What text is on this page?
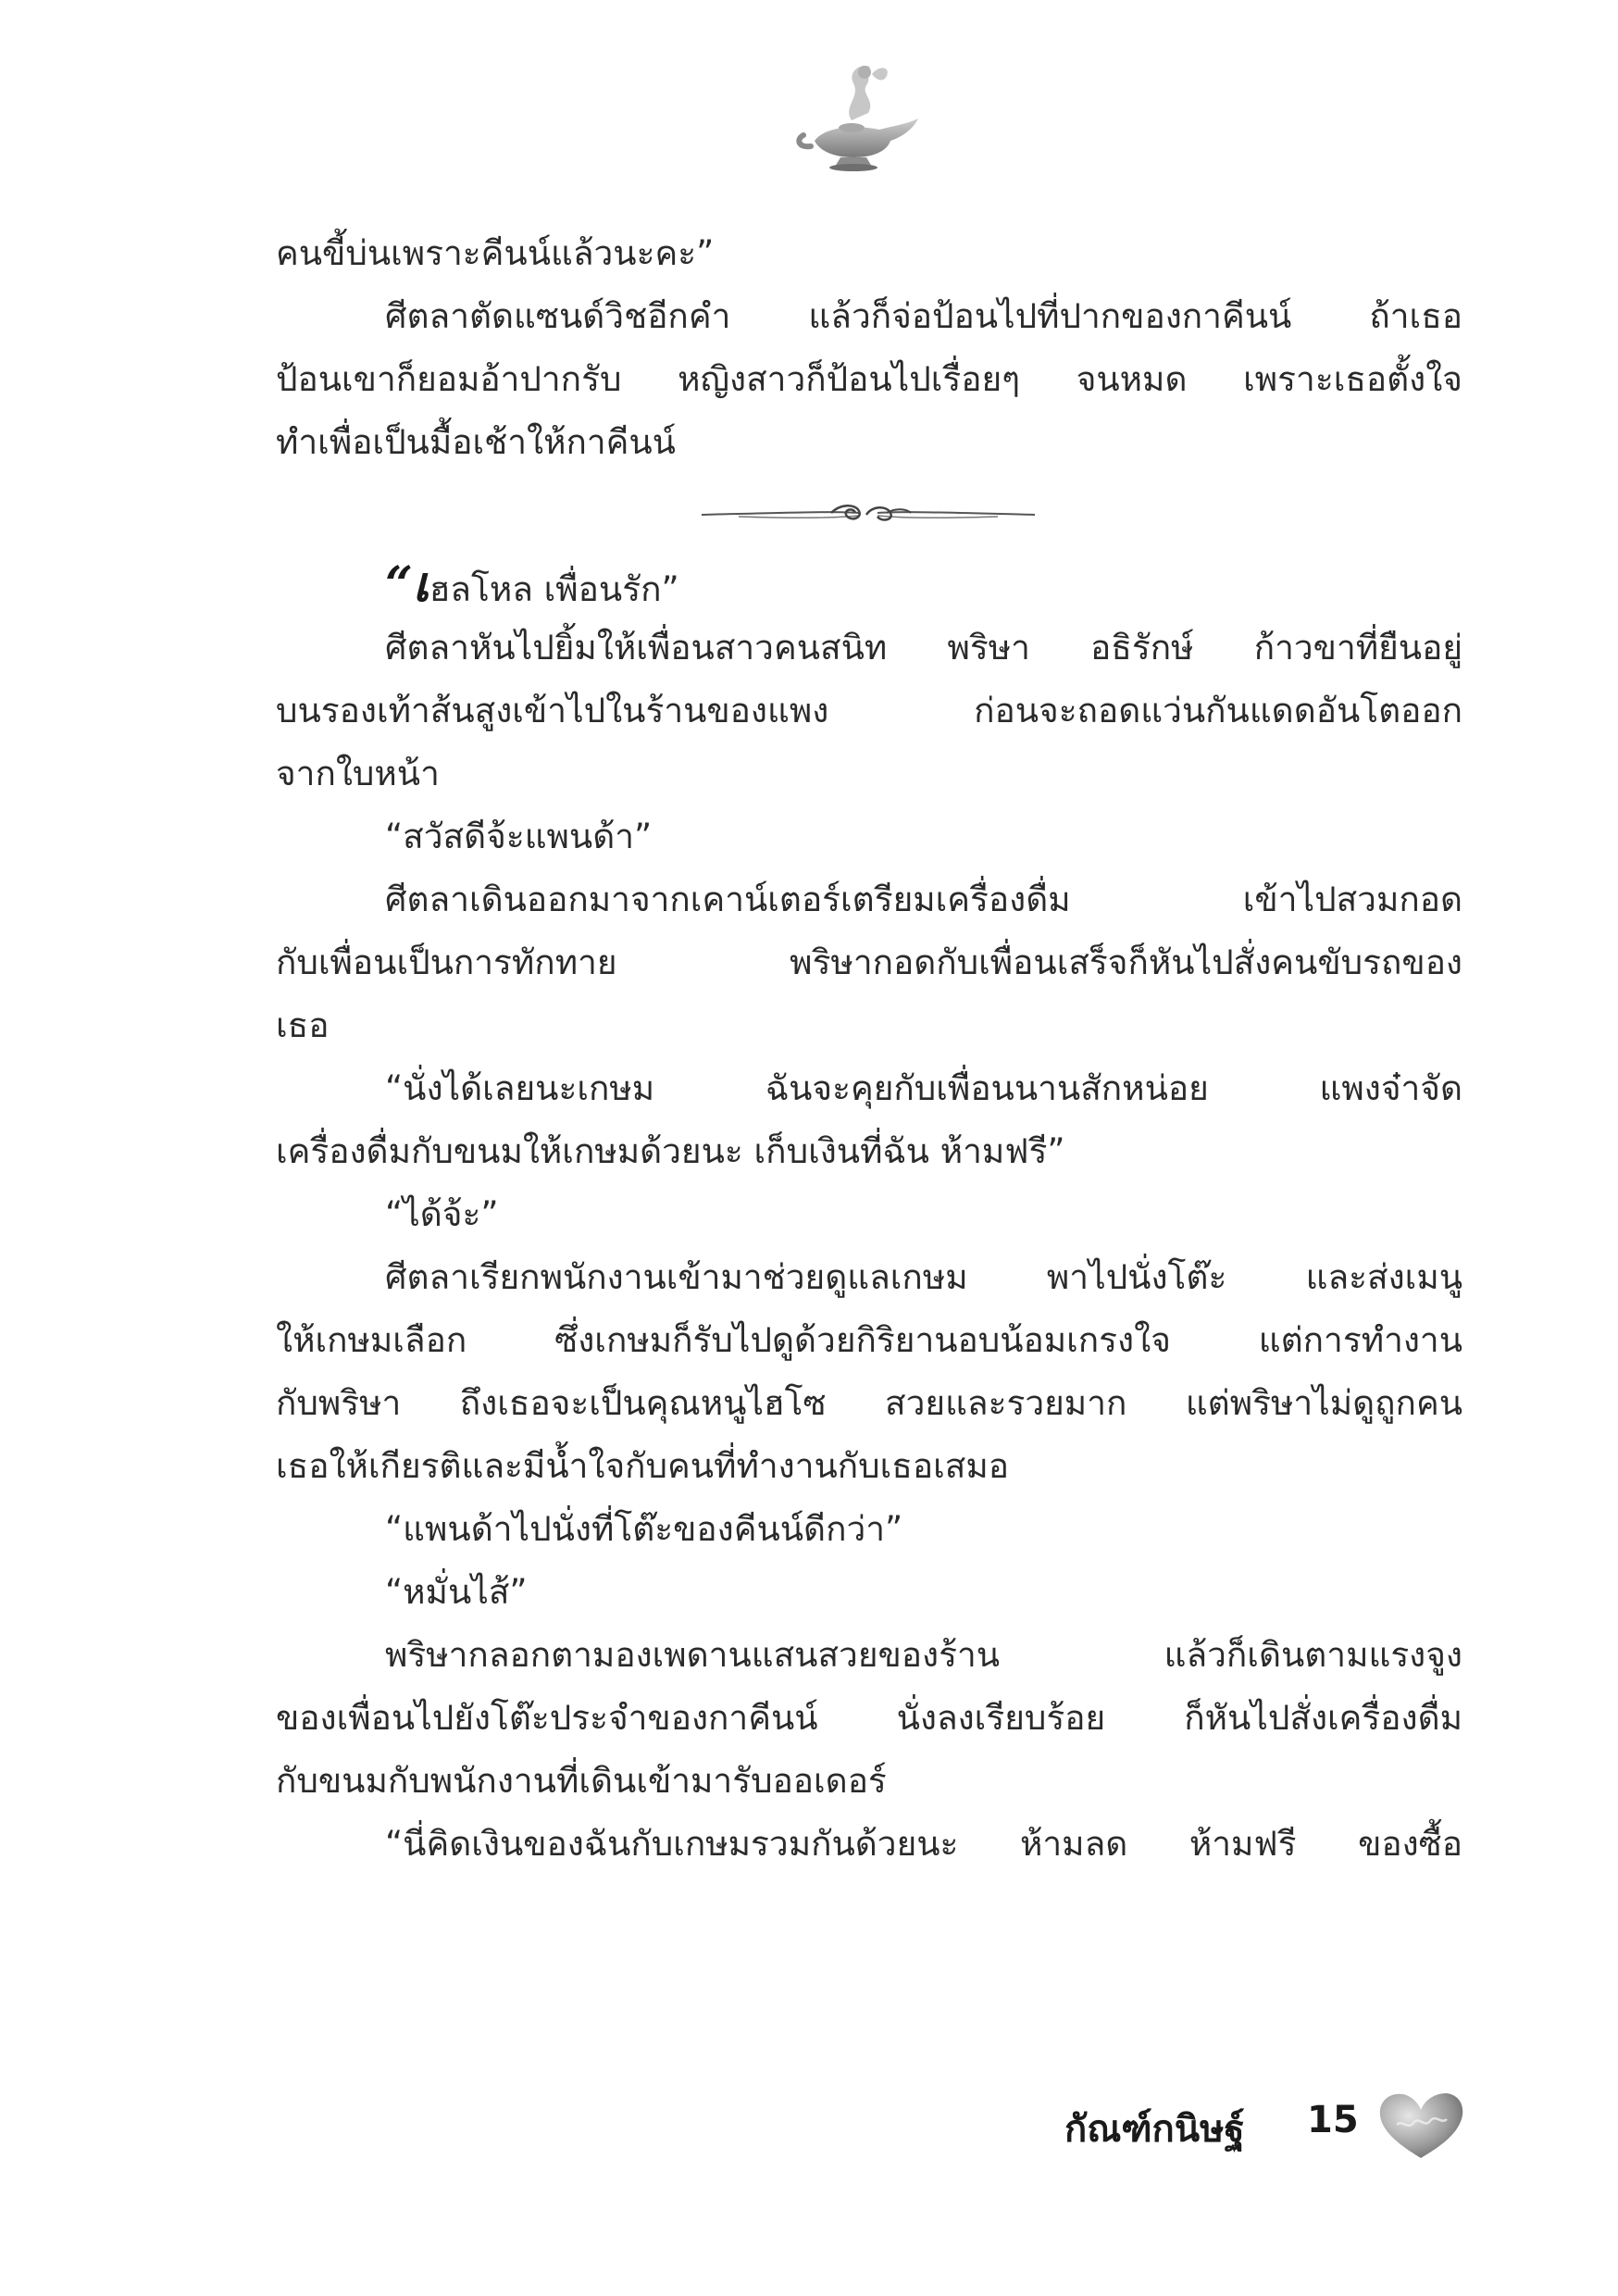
คนขี้บ่นเพราะคีนน์แล้วนะคะ”

ศีตลาตัดแซนด์วิชอีกคำ แล้วก็จ่อป้อนไปที่ปากของกาคีนน์ ถ้าเธอ

ป้อนเขาก็ยอมอ้าปากรับ หญิงสาวก็ป้อนไปเรื่อยๆ จนหมด เพราะเธอตั้งใจ

ทำเพื่อเป็นมื้อเช้าให้กาคีนน์

“เฮลโหล เพื่อนรัก”

ศีตลาหันไปยิ้มให้เพื่อนสาวคนสนิท พริษา อธิรักษ์ ก้าวขาที่ยืนอยู่

บนรองเท้าส้นสูงเข้าไปในร้านของแพง ก่อนจะถอดแว่นกันแดดอันโตออก

จากใบหน้า

“สวัสดีจ้ะแพนด้า”

ศีตลาเดินออกมาจากเคาน์เตอร์เตรียมเครื่องดื่ม เข้าไปสวมกอด

กับเพื่อนเป็นการทักทาย พริษากอดกับเพื่อนเสร็จก็หันไปสั่งคนขับรถของ

เธอ

“นั่งได้เลยนะเกษม ฉันจะคุยกับเพื่อนนานสักหน่อย แพงจ๋าจัด

เครื่องดื่มกับขนมให้เกษมด้วยนะ เก็บเงินที่ฉัน ห้ามฟรี”

“ได้จ้ะ”

ศีตลาเรียกพนักงานเข้ามาช่วยดูแลเกษม พาไปนั่งโต๊ะ และส่งเมนู

ให้เกษมเลือก ซึ่งเกษมก็รับไปดูด้วยกิริยานอบน้อมเกรงใจ แต่การทำงาน

กับพริษา ถึงเธอจะเป็นคุณหนูไฮโซ สวยและรวยมาก แต่พริษาไม่ดูถูกคน

เธอให้เกียรติและมีน้ำใจกับคนที่ทำงานกับเธอเสมอ

“แพนด้าไปนั่งที่โต๊ะของคีนน์ดีกว่า”

“หมั่นไส้”

พริษากลอกตามองเพดานแสนสวยของร้าน แล้วก็เดินตามแรงจูง

ของเพื่อนไปยังโต๊ะประจำของกาคีนน์ นั่งลงเรียบร้อย ก็หันไปสั่งเครื่องดื่ม

กับขนมกับพนักงานที่เดินเข้ามารับออเดอร์

“นี่คิดเงินของฉันกับเกษมรวมกันด้วยนะ ห้ามลด ห้ามฟรี ของซื้อ

กัณฑ์กนิษฐ์ 15
